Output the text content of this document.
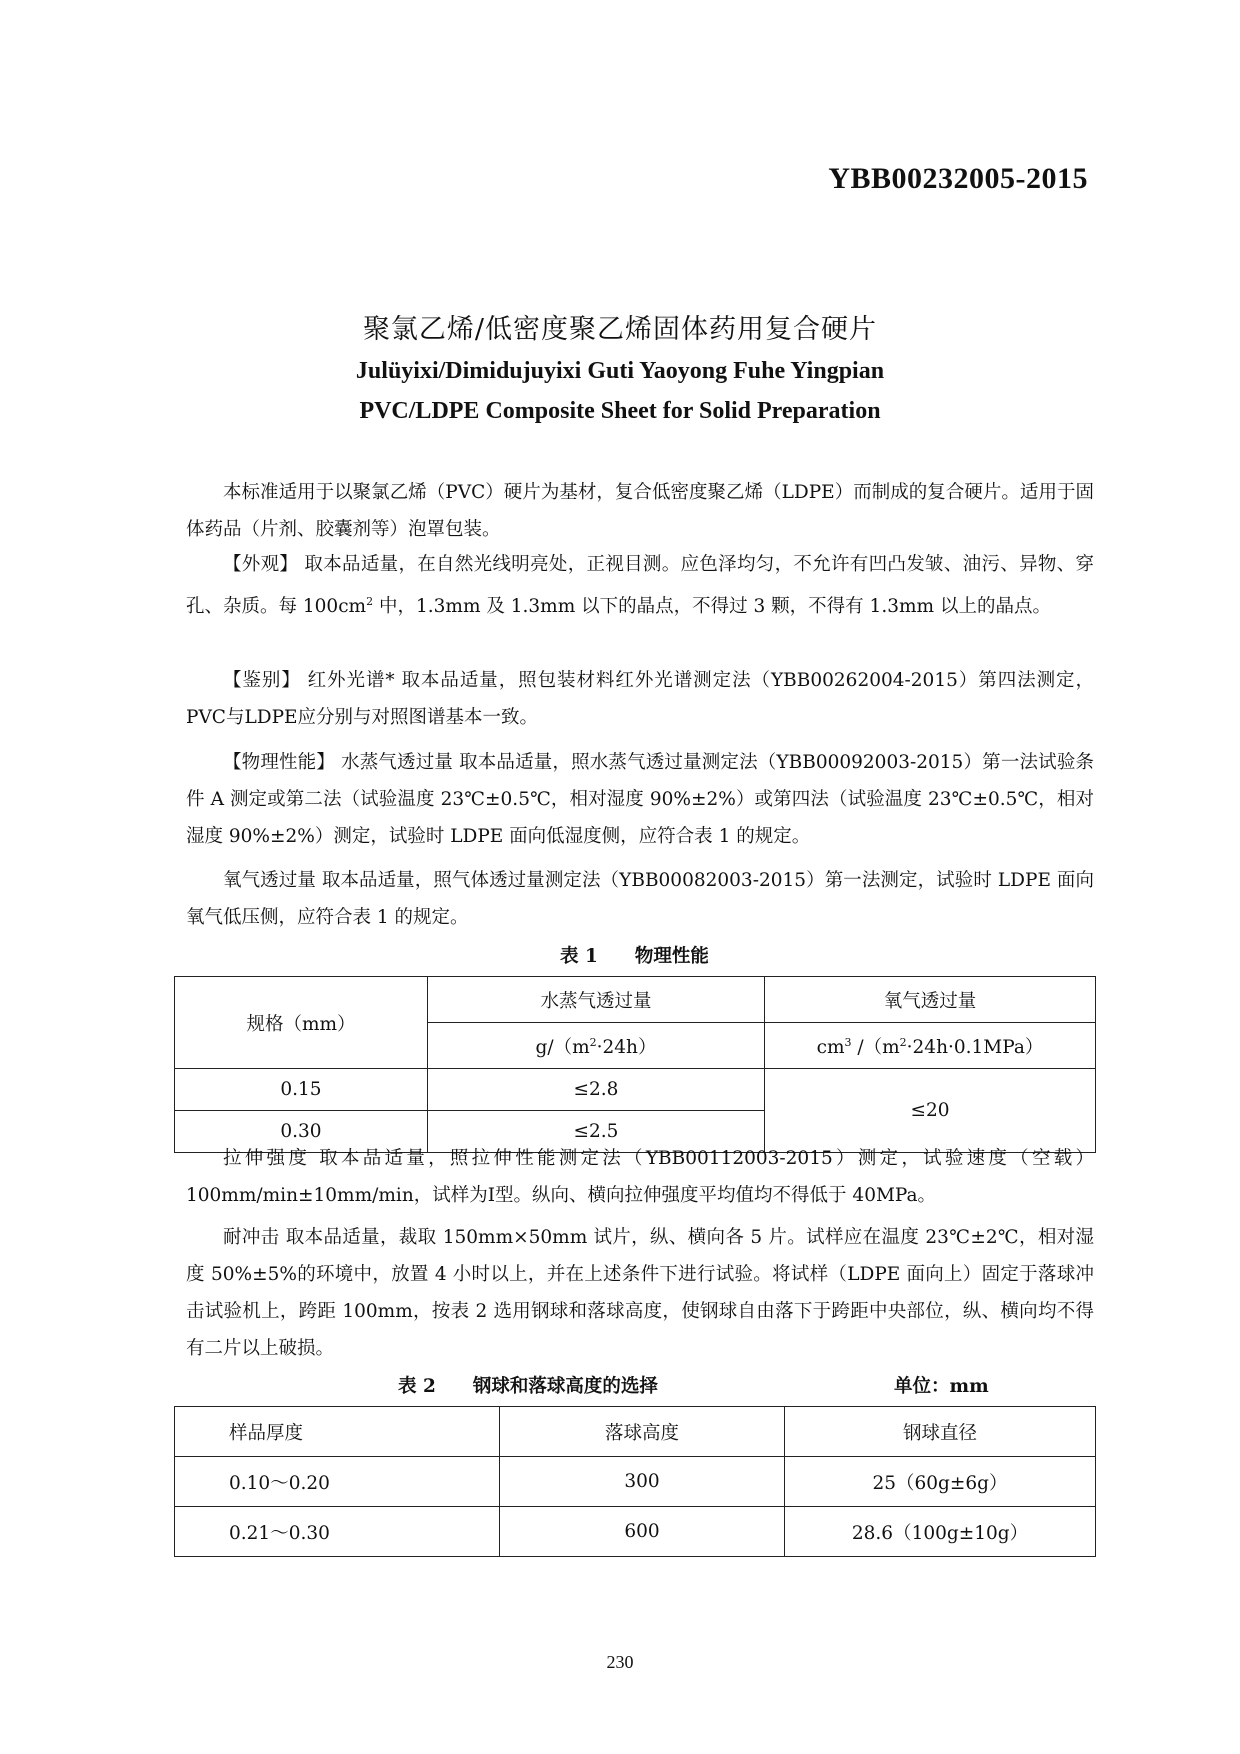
YBB00232005-2015
聚氯乙烯/低密度聚乙烯固体药用复合硬片
Julüyixi/Dimidujuyixi Guti Yaoyong Fuhe Yingpian
PVC/LDPE Composite Sheet for Solid Preparation

本标准适用于以聚氯乙烯（PVC）硬片为基材，复合低密度聚乙烯（LDPE）而制成的复合硬片。适用于固体药品（片剂、胶囊剂等）泡罩包装。

【外观】 取本品适量，在自然光线明亮处，正视目测。应色泽均匀，不允许有凹凸发皱、油污、异物、穿孔、杂质。每 $100cm^2$ 中，1.3mm 及 1.3mm 以下的晶点，不得过 3 颗，不得有 1.3mm 以上的晶点。

【鉴别】 红外光谱* 取本品适量，照包装材料红外光谱测定法（YBB00262004-2015）第四法测定，PVC与LDPE应分别与对照图谱基本一致。

【物理性能】 水蒸气透过量 取本品适量，照水蒸气透过量测定法（YBB00092003-2015）第一法试验条件 A 测定或第二法（试验温度 23℃±0.5℃，相对湿度 90%±2%）或第四法（试验温度 23℃±0.5℃，相对湿度 90%±2%）测定，试验时 LDPE 面向低湿度侧，应符合表 1 的规定。

氧气透过量 取本品适量，照气体透过量测定法（YBB00082003-2015）第一法测定，试验时 LDPE 面向氧气低压侧，应符合表 1 的规定。

表 1　　物理性能
规格（mm）	水蒸气透过量	氧气透过量
	$g/(m^2\cdot 24h)$	$cm^3$ $/(m^2\cdot 24h\cdot 0.1MPa)$
0.15	≤2.8	≤20
0.30	≤2.5	

拉伸强度 取本品适量，照拉伸性能测定法（YBB00112003-2015）测定，试验速度（空载）100mm/min±10mm/min，试样为Ⅰ型。纵向、横向拉伸强度平均值均不得低于 40MPa。

耐冲击 取本品适量，裁取 150mm×50mm 试片，纵、横向各 5 片。试样应在温度 23℃±2℃，相对湿度 50%±5%的环境中，放置 4 小时以上，并在上述条件下进行试验。将试样（LDPE 面向上）固定于落球冲击试验机上，跨距 100mm，按表 2 选用钢球和落球高度，使钢球自由落下于跨距中央部位，纵、横向均不得有二片以上破损。

表 2　　钢球和落球高度的选择	单位：mm
样品厚度	落球高度	钢球直径
0.10～0.20	300	25（60g±6g）
0.21～0.30	600	28.6（100g±10g）
230
